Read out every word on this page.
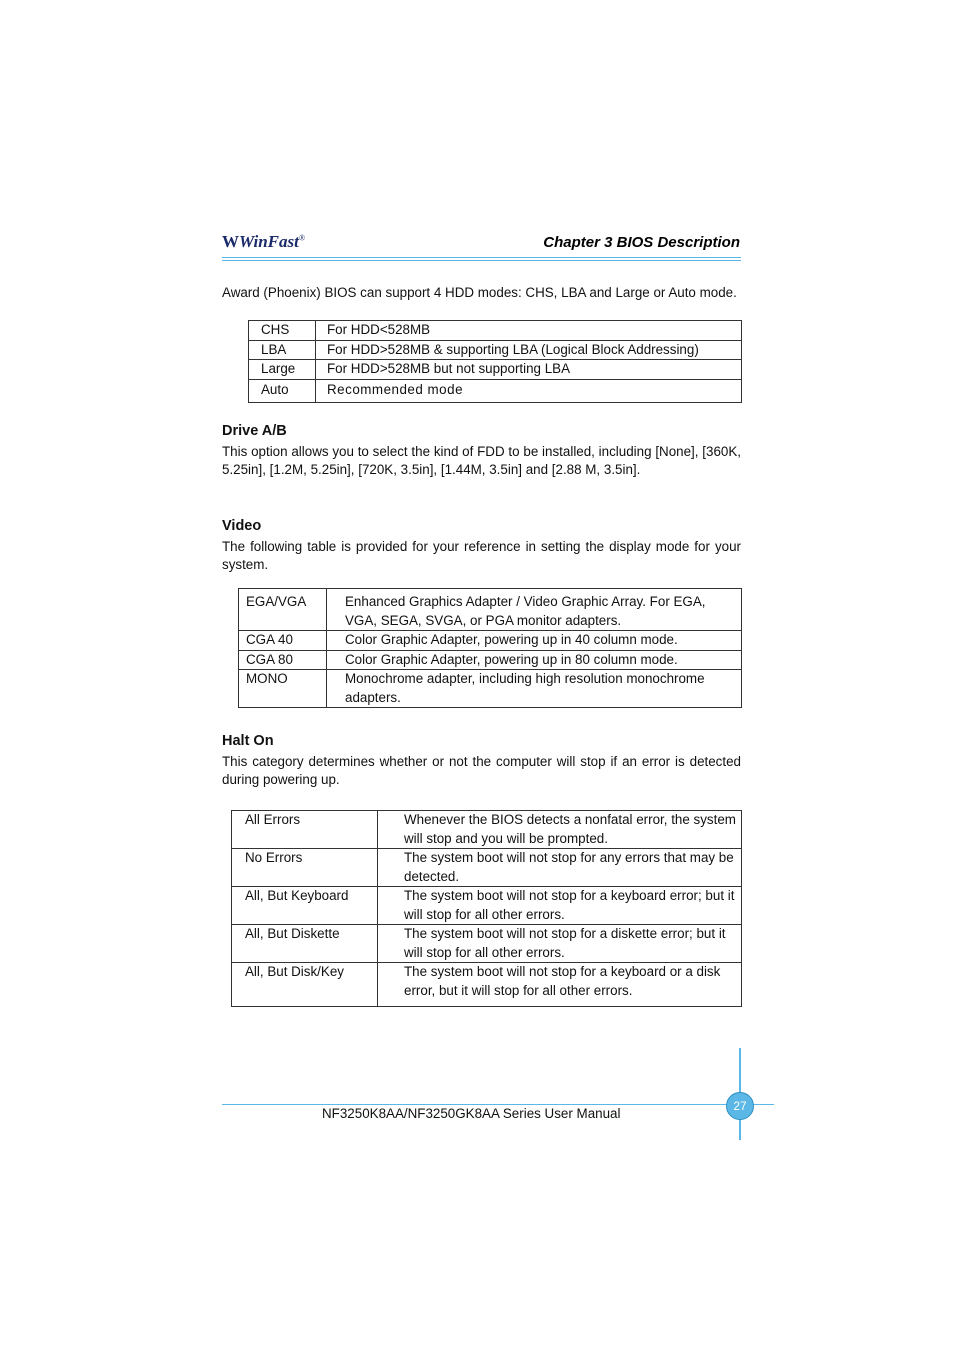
WWinFast®	Chapter 3 BIOS Description
Award (Phoenix) BIOS can support 4 HDD modes: CHS, LBA and Large or Auto mode.
CHS	For HDD<528MB
LBA	For HDD>528MB & supporting LBA (Logical Block Addressing)
Large	For HDD>528MB but not supporting LBA
Auto	Recommended mode
Drive A/B
This option allows you to select the kind of FDD to be installed, including [None], [360K, 5.25in], [1.2M, 5.25in], [720K, 3.5in], [1.44M, 3.5in] and [2.88 M, 3.5in].
Video
The following table is provided for your reference in setting the display mode for your system.
EGA/VGA	Enhanced Graphics Adapter / Video Graphic Array. For EGA, VGA, SEGA, SVGA, or PGA monitor adapters.
CGA 40	Color Graphic Adapter, powering up in 40 column mode.
CGA 80	Color Graphic Adapter, powering up in 80 column mode.
MONO	Monochrome adapter, including high resolution monochrome adapters.
Halt On
This category determines whether or not the computer will stop if an error is detected during powering up.
All Errors	Whenever the BIOS detects a nonfatal error, the system will stop and you will be prompted.
No Errors	The system boot will not stop for any errors that may be detected.
All, But Keyboard	The system boot will not stop for a keyboard error; but it will stop for all other errors.
All, But Diskette	The system boot will not stop for a diskette error; but it will stop for all other errors.
All, But Disk/Key	The system boot will not stop for a keyboard or a disk error, but it will stop for all other errors.
27
NF3250K8AA/NF3250GK8AA Series User Manual
